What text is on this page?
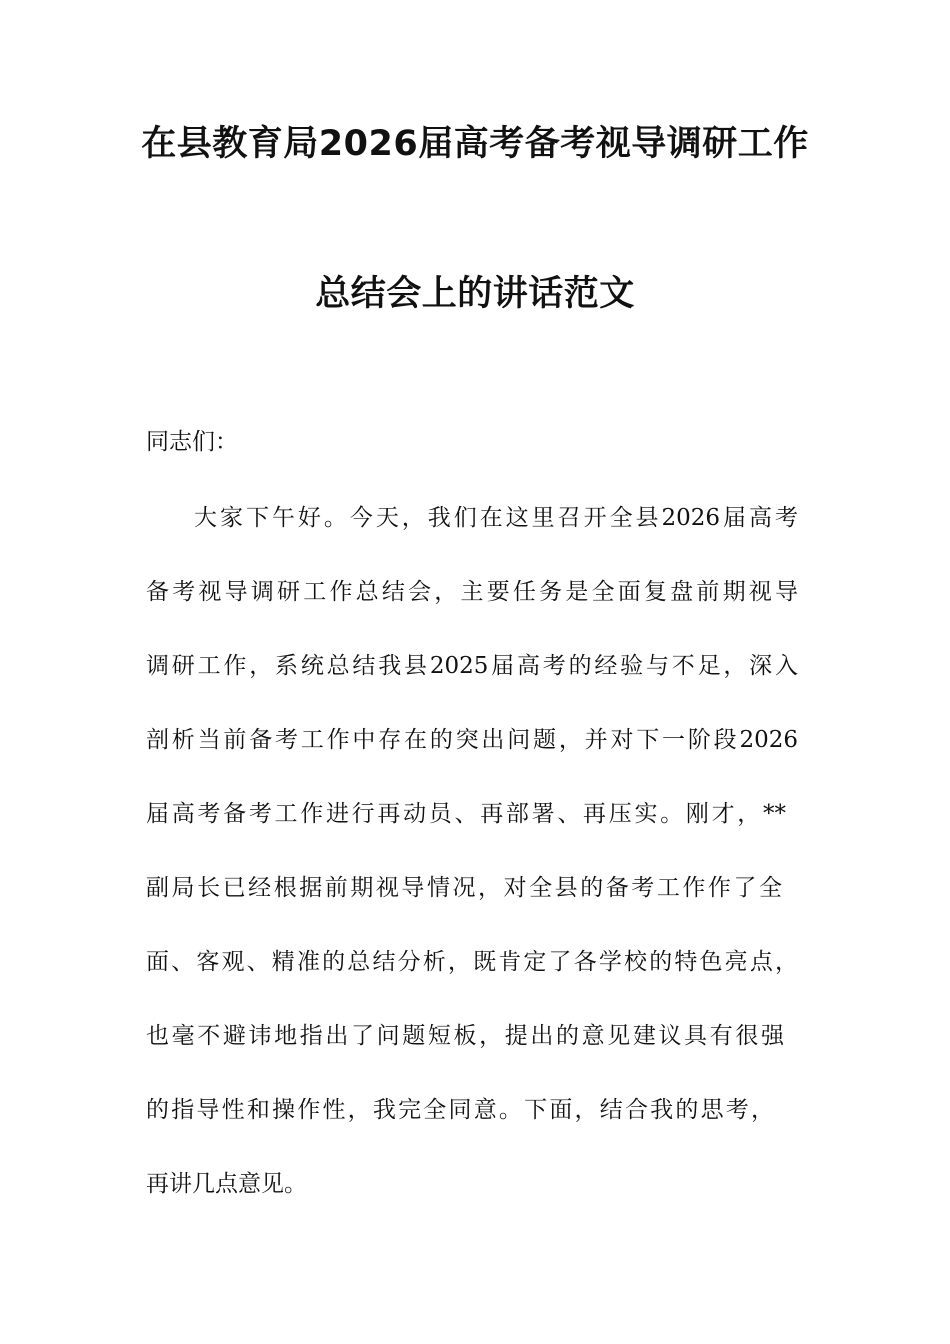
在县教育局2026届高考备考视导调研工作
总结会上的讲话范文
同志们：
大家下午好。今天，我们在这里召开全县2026届高考
备考视导调研工作总结会，主要任务是全面复盘前期视导
调研工作，系统总结我县2025届高考的经验与不足，深入
剖析当前备考工作中存在的突出问题，并对下一阶段2026
届高考备考工作进行再动员、再部署、再压实。刚才，**
副局长已经根据前期视导情况，对全县的备考工作作了全
面、客观、精准的总结分析，既肯定了各学校的特色亮点，
也毫不避讳地指出了问题短板，提出的意见建议具有很强
的指导性和操作性，我完全同意。下面，结合我的思考，
再讲几点意见。
